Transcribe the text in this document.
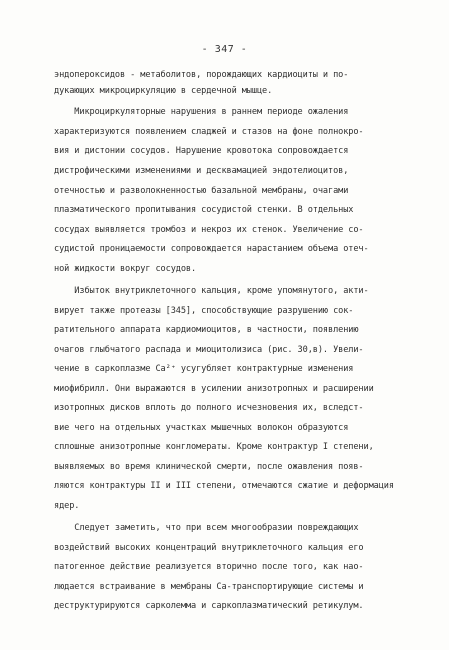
- 347 -
эндопероксидов - метаболитов, порождающих кардиоциты и по-
дукающих микроциркуляцию в сердечной мышце.
Микроциркуляторные нарушения в раннем периоде ожаления
характеризуются появлением сладжей и стазов на фоне полнокро-
вия и дистонии сосудов. Нарушение кровотока сопровождается
дистрофическими изменениями и десквамацией эндотелиоцитов,
отечностью и разволокненностью базальной мембраны, очагами
плазматического пропитывания сосудистой стенки. В отдельных
сосудах выявляется тромбоз и некроз их стенок. Увеличение со-
судистой проницаемости сопровождается нарастанием объема отеч-
ной жидкости вокруг сосудов.
Избыток внутриклеточного кальция, кроме упомянутого, акти-
вирует также протеазы [345], способствующие разрушению сок-
ратительного аппарата кардиомиоцитов, в частности, появлению
очагов глыбчатого распада и миоцитолизиса (рис. 30,в). Увели-
чение в саркоплазме Ca²⁺ усугубляет контрактурные изменения
миофибрилл. Они выражаются в усилении анизотропных и расширении
изотропных дисков вплоть до полного исчезновения их, вследст-
вие чего на отдельных участках мышечных волокон образуются
сплошные анизотропные конгломераты. Кроме контрактур I степени,
выявляемых во время клинической смерти, после ожавления появ-
ляются контрактуры II и III степени, отмечаются сжатие и деформация
ядер.
Следует заметить, что при всем многообразии повреждающих
воздействий высоких концентраций внутриклеточного кальция его
патогенное действие реализуется вторично после того, как нао-
людается встраивание в мембраны Са-транспортирующие системы и
деструктурируются сарколемма и саркоплазматический ретикулум.
